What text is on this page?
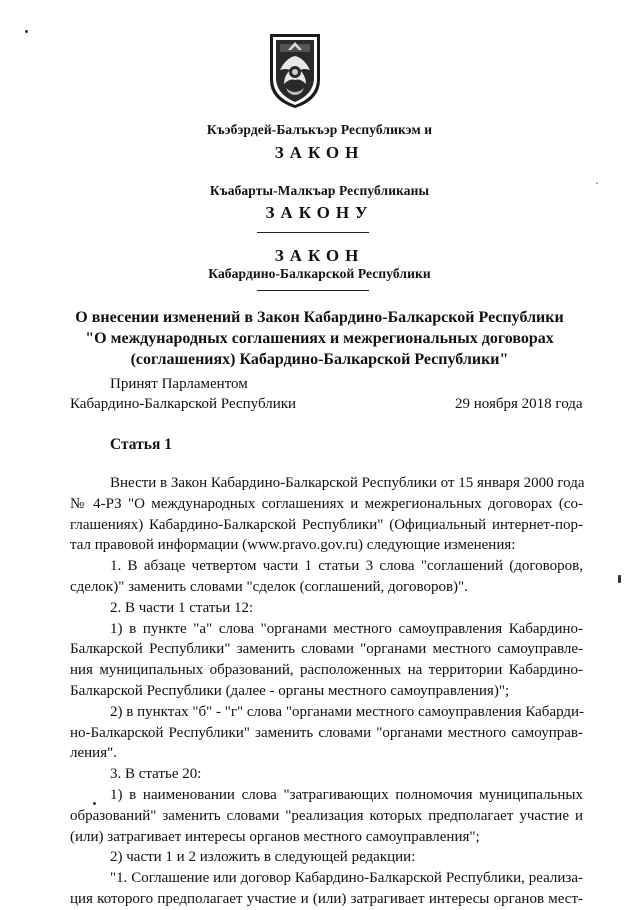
Къэбэрдей-Балъкъэр Республикэм и
ЗАКОН
Къабарты-Малкъар Республиканы
ЗАКОНУ
ЗАКОН
Кабардино-Балкарской Республики
О внесении изменений в Закон Кабардино-Балкарской Республики
"О международных соглашениях и межрегиональных договорах
(соглашениях) Кабардино-Балкарской Республики"
Принят Парламентом
Кабардино-Балкарской Республики	29 ноября 2018 года
Статья 1
Внести в Закон Кабардино-Балкарской Республики от 15 января 2000 года
№ 4-РЗ "О международных соглашениях и межрегиональных договорах (со-
глашениях) Кабардино-Балкарской Республики" (Официальный интернет-пор-
тал правовой информации (www.pravo.gov.ru) следующие изменения:
1. В абзаце четвертом части 1 статьи 3 слова "соглашений (договоров,
сделок)" заменить словами "сделок (соглашений, договоров)".
2. В части 1 статьи 12:
1) в пункте "а" слова "органами местного самоуправления Кабардино-
Балкарской Республики" заменить словами "органами местного самоуправле-
ния муниципальных образований, расположенных на территории Кабардино-
Балкарской Республики (далее - органы местного самоуправления)";
2) в пунктах "б" - "г" слова "органами местного самоуправления Кабарди-
но-Балкарской Республики" заменить словами "органами местного самоуправ-
ления".
3. В статье 20:
1) в наименовании слова "затрагивающих полномочия муниципальных
образований" заменить словами "реализация которых предполагает участие и
(или) затрагивает интересы органов местного самоуправления";
2) части 1 и 2 изложить в следующей редакции:
"1. Соглашение или договор Кабардино-Балкарской Республики, реализа-
ция которого предполагает участие и (или) затрагивает интересы органов мест-
